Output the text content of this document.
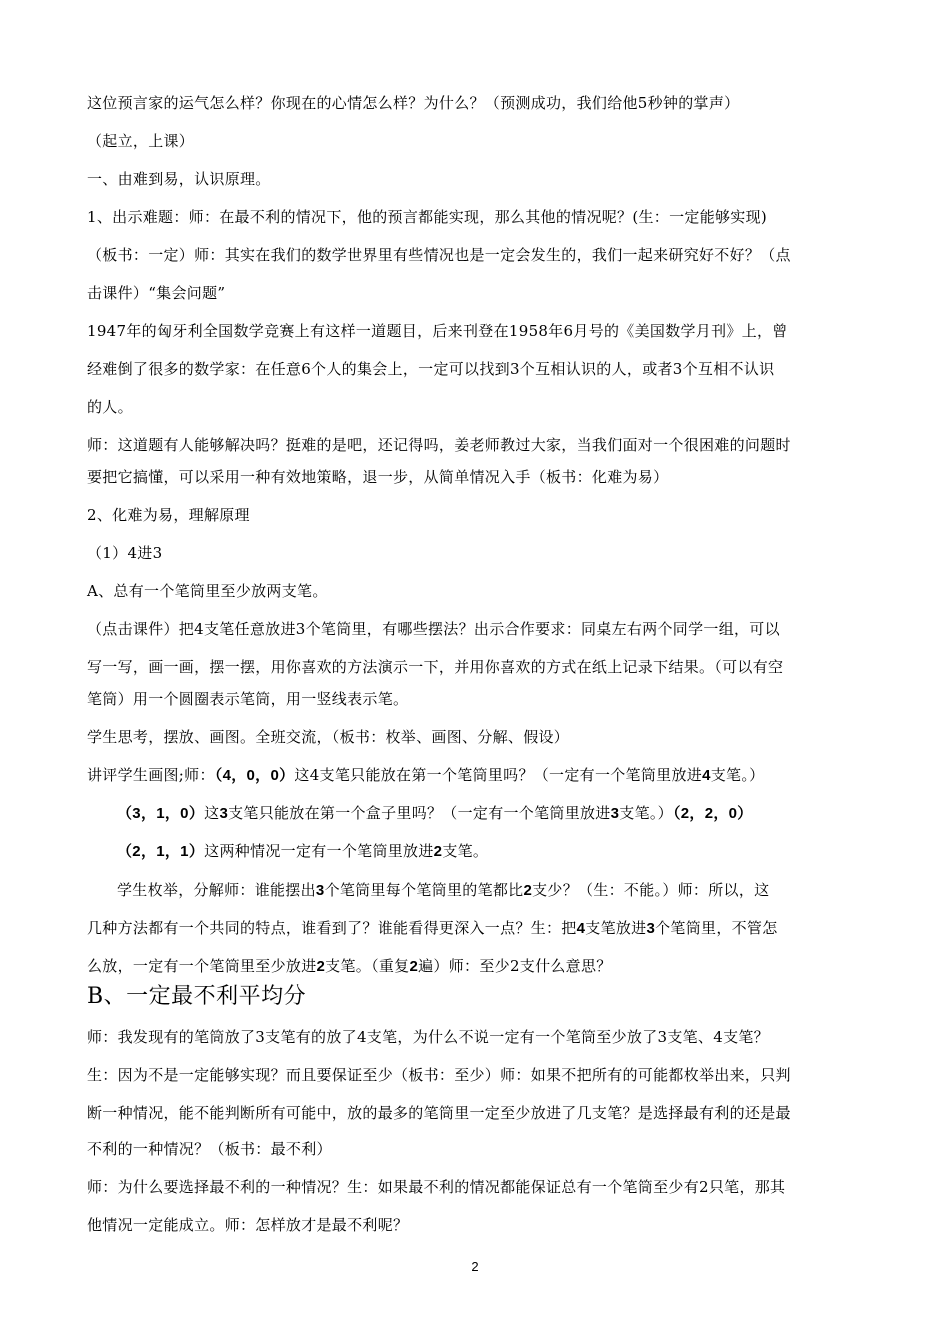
这位预言家的运气怎么样？你现在的心情怎么样？为什么？（预测成功，我们给他5秒钟的掌声）
（起立，上课）
一、由难到易，认识原理。
1、出示难题：师：在最不利的情况下，他的预言都能实现，那么其他的情况呢？(生：一定能够实现)
（板书：一定）师：其实在我们的数学世界里有些情况也是一定会发生的，我们一起来研究好不好？（点
击课件）“集会问题”
1947年的匈牙利全国数学竞赛上有这样一道题目，后来刊登在1958年6月号的《美国数学月刊》上，曾
经难倒了很多的数学家：在任意6个人的集会上，一定可以找到3个互相认识的人，或者3个互相不认识
的人。
师：这道题有人能够解决吗？挺难的是吧，还记得吗，姜老师教过大家，当我们面对一个很困难的问题时
要把它搞懂，可以采用一种有效地策略，退一步，从简单情况入手（板书：化难为易）
2、化难为易，理解原理
（1）4进3
A、总有一个笔筒里至少放两支笔。
（点击课件）把4支笔任意放进3个笔筒里，有哪些摆法？出示合作要求：同桌左右两个同学一组，可以
写一写，画一画，摆一摆，用你喜欢的方法演示一下，并用你喜欢的方式在纸上记录下结果。（可以有空
笔筒）用一个圆圈表示笔筒，用一竖线表示笔。
学生思考，摆放、画图。全班交流，（板书：枚举、画图、分解、假设）
讲评学生画图;师：（4，0，0）这4支笔只能放在第一个笔筒里吗？（一定有一个笔筒里放进4支笔。）
（3，1，0）这3支笔只能放在第一个盒子里吗？（一定有一个笔筒里放进3支笔。）（2，2，0）
（2，1，1）这两种情况一定有一个笔筒里放进2支笔。
学生枚举，分解师：谁能摆出3个笔筒里每个笔筒里的笔都比2支少？（生：不能。）师：所以，这
几种方法都有一个共同的特点，谁看到了？谁能看得更深入一点？生：把4支笔放进3个笔筒里，不管怎
么放，一定有一个笔筒里至少放进2支笔。（重复2遍）师：至少2支什么意思？
B、一定最不利平均分
师：我发现有的笔筒放了3支笔有的放了4支笔，为什么不说一定有一个笔筒至少放了3支笔、4支笔？
生：因为不是一定能够实现？而且要保证至少（板书：至少）师：如果不把所有的可能都枚举出来，只判
断一种情况，能不能判断所有可能中，放的最多的笔筒里一定至少放进了几支笔？是选择最有利的还是最
不利的一种情况？（板书：最不利）
师：为什么要选择最不利的一种情况？生：如果最不利的情况都能保证总有一个笔筒至少有2只笔，那其
他情况一定能成立。师：怎样放才是最不利呢？
2
